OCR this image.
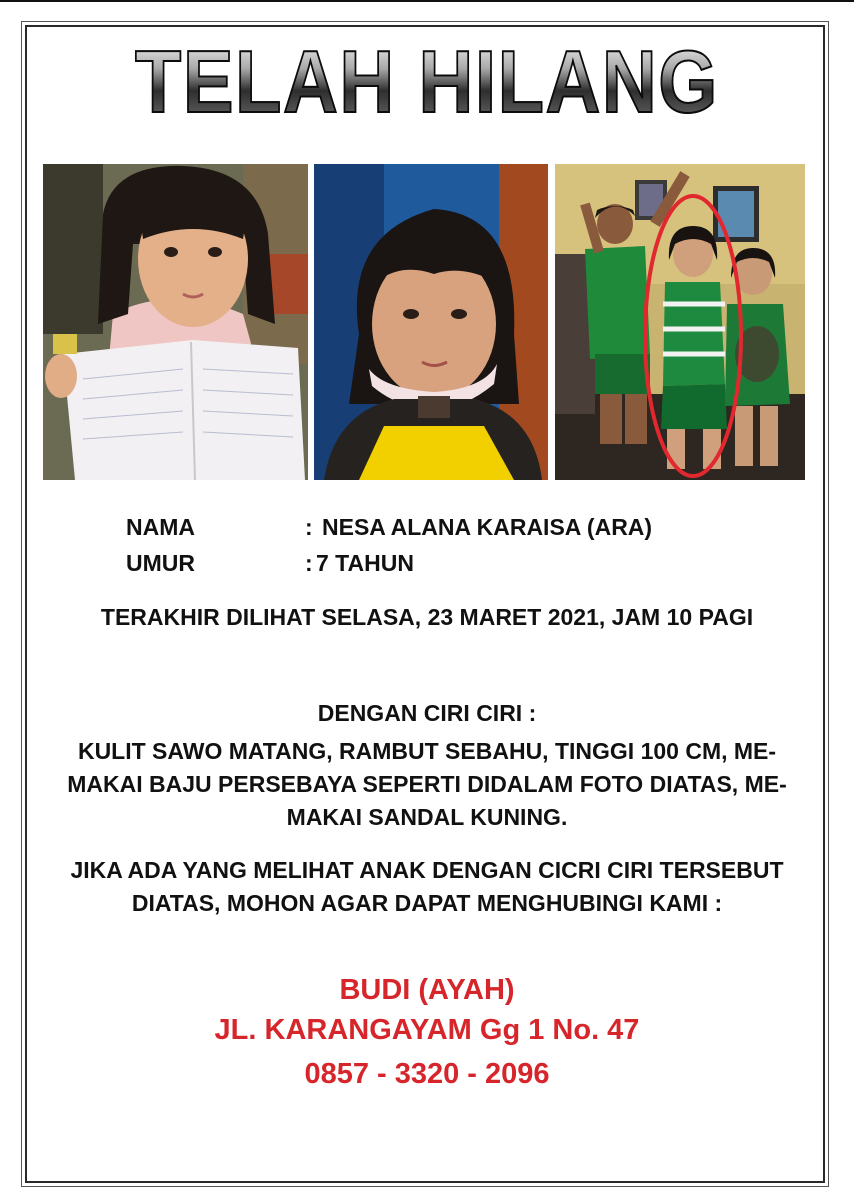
TELAH HILANG
NAMA	: NESA ALANA KARAISA (ARA)
UMUR	: 7 TAHUN
TERAKHIR DILIHAT SELASA, 23 MARET 2021, JAM 10 PAGI
DENGAN CIRI CIRI :
KULIT SAWO MATANG, RAMBUT SEBAHU, TINGGI 100 CM, ME-
MAKAI BAJU PERSEBAYA SEPERTI DIDALAM FOTO DIATAS, ME-
MAKAI SANDAL KUNING.
JIKA ADA YANG MELIHAT ANAK DENGAN CICRI CIRI TERSEBUT
DIATAS, MOHON AGAR DAPAT MENGHUBINGI KAMI :
BUDI (AYAH)
JL. KARANGAYAM Gg 1 No. 47
0857 - 3320 - 2096
